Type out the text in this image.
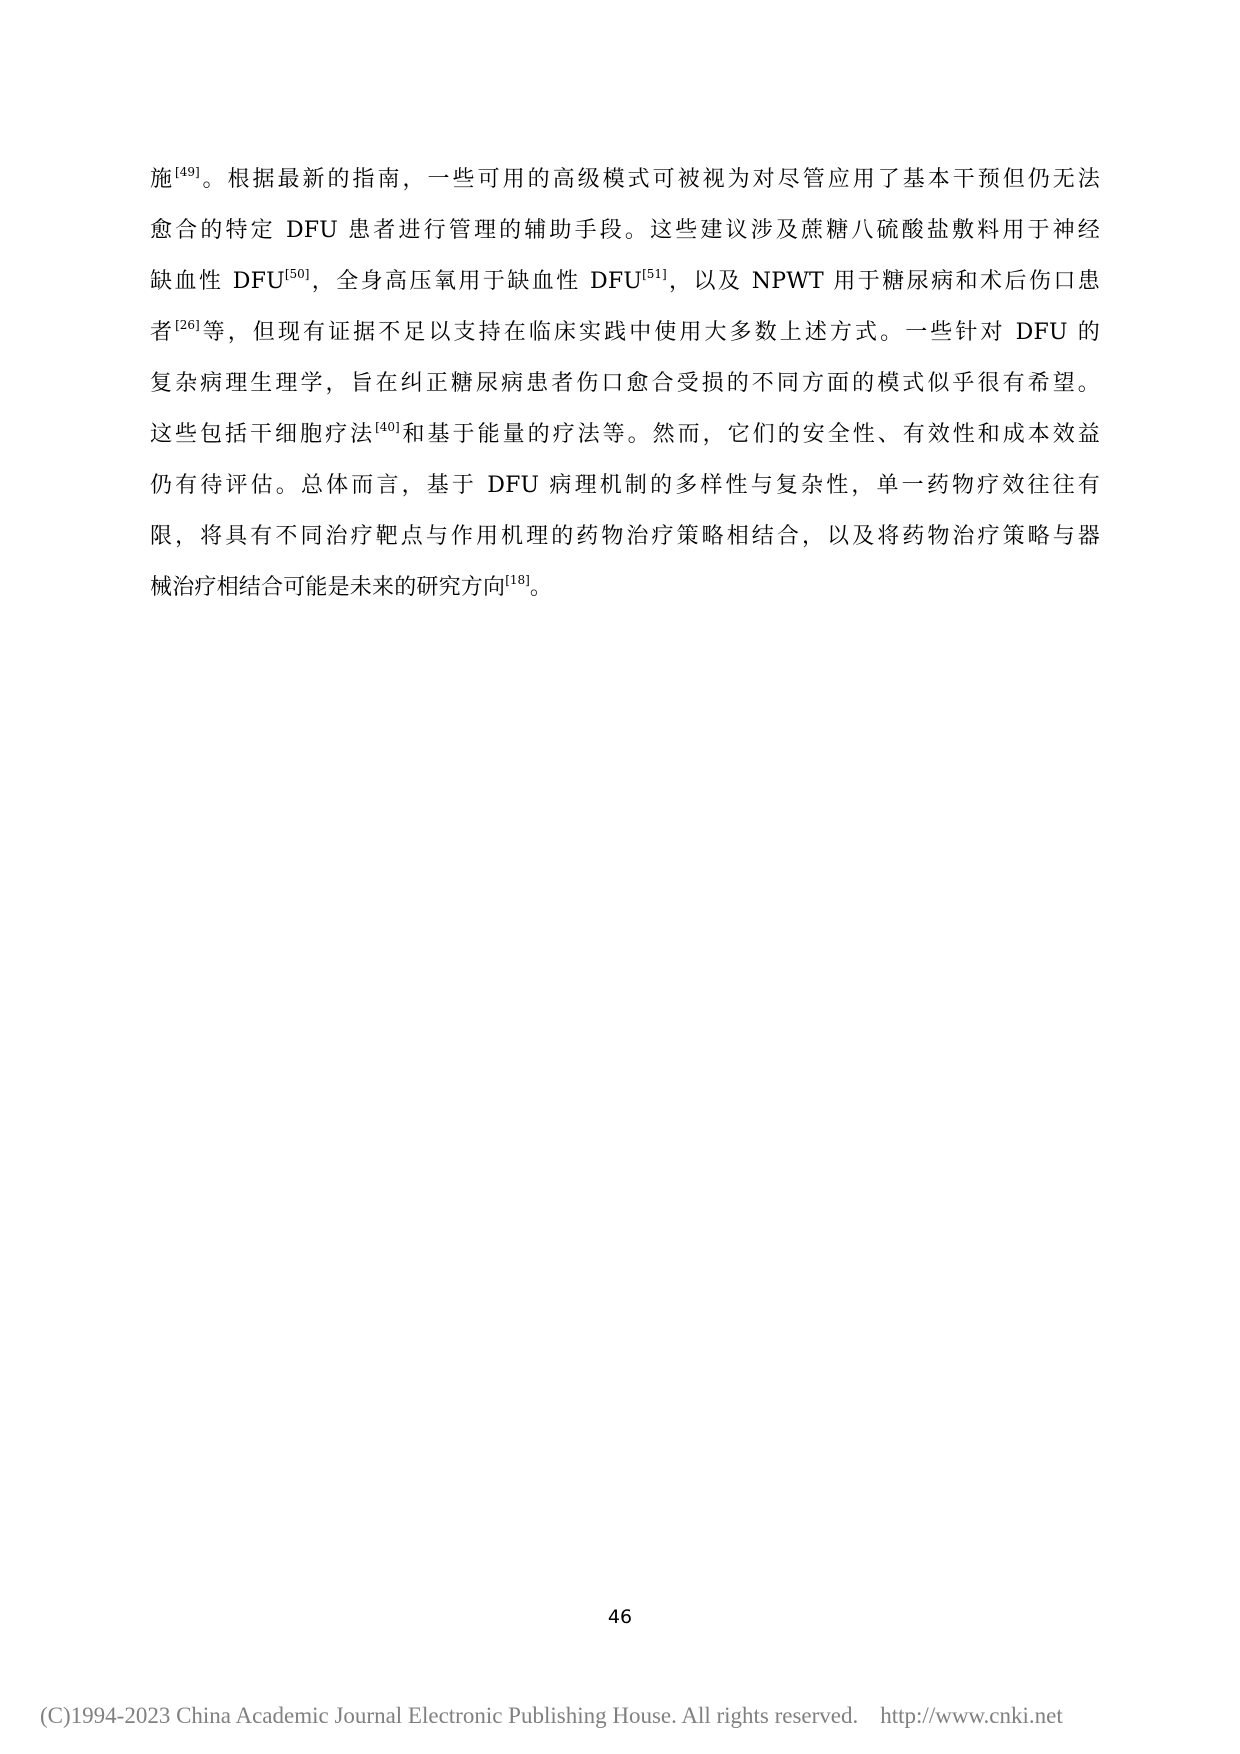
施[49]。根据最新的指南，一些可用的高级模式可被视为对尽管应用了基本干预但仍无法
愈合的特定 DFU 患者进行管理的辅助手段。这些建议涉及蔗糖八硫酸盐敷料用于神经
缺血性 DFU[50]，全身高压氧用于缺血性 DFU[51]，以及 NPWT 用于糖尿病和术后伤口患
者[26]等，但现有证据不足以支持在临床实践中使用大多数上述方式。一些针对 DFU 的
复杂病理生理学，旨在纠正糖尿病患者伤口愈合受损的不同方面的模式似乎很有希望。
这些包括干细胞疗法[40]和基于能量的疗法等。然而，它们的安全性、有效性和成本效益
仍有待评估。总体而言，基于 DFU 病理机制的多样性与复杂性，单一药物疗效往往有
限，将具有不同治疗靶点与作用机理的药物治疗策略相结合，以及将药物治疗策略与器
械治疗相结合可能是未来的研究方向[18]。
46
(C)1994-2023 China Academic Journal Electronic Publishing House. All rights reserved. http://www.cnki.net
